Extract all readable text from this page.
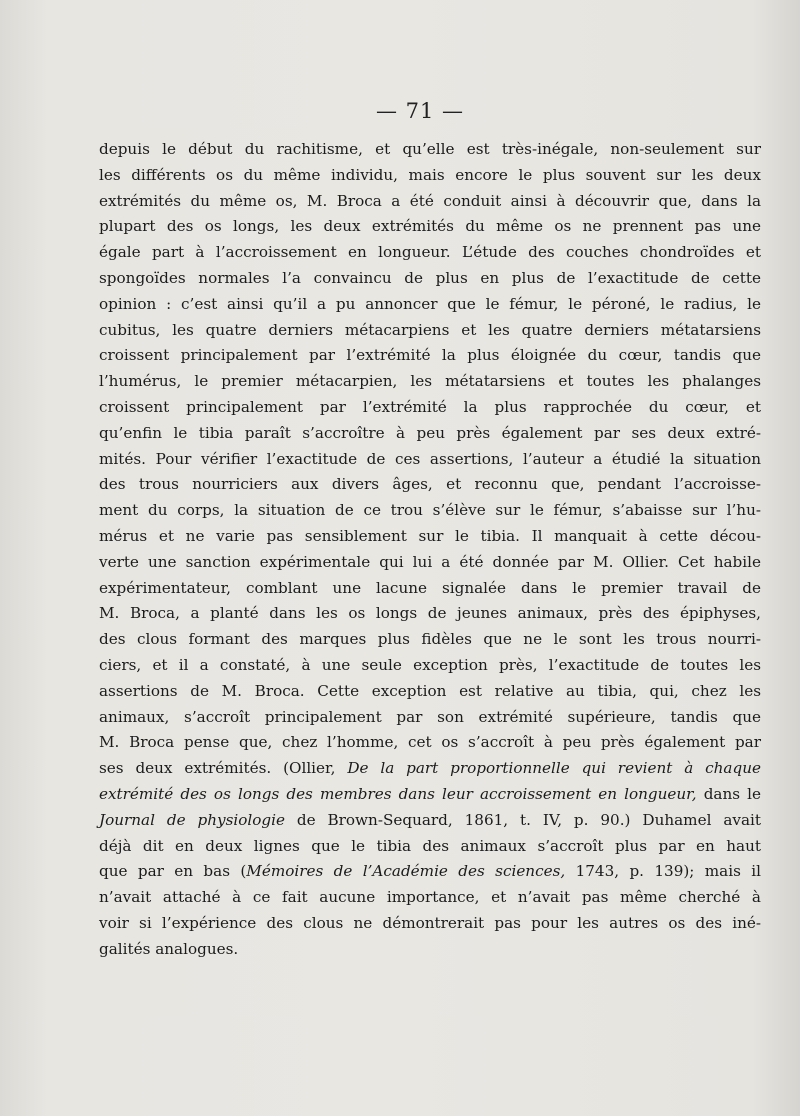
— 71 —
depuis le début du rachitisme, et qu’elle est très-inégale, non-seulement sur
les différents os du même individu, mais encore le plus souvent sur les deux
extrémités du même os, M. Broca a été conduit ainsi à découvrir que, dans la
plupart des os longs, les deux extrémités du même os ne prennent pas une
égale part à l’accroissement en longueur. L’étude des couches chondroïdes et
spongoïdes normales l’a convaincu de plus en plus de l’exactitude de cette
opinion : c’est ainsi qu’il a pu annoncer que le fémur, le péroné, le radius, le
cubitus, les quatre derniers métacarpiens et les quatre derniers métatarsiens
croissent principalement par l’extrémité la plus éloignée du cœur, tandis que
l’humérus, le premier métacarpien, les métatarsiens et toutes les phalanges
croissent principalement par l’extrémité la plus rapprochée du cœur, et
qu’enfin le tibia paraît s’accroître à peu près également par ses deux extré-
mités. Pour vérifier l’exactitude de ces assertions, l’auteur a étudié la situation
des trous nourriciers aux divers âges, et reconnu que, pendant l’accroisse-
ment du corps, la situation de ce trou s’élève sur le fémur, s’abaisse sur l’hu-
mérus et ne varie pas sensiblement sur le tibia. Il manquait à cette décou-
verte une sanction expérimentale qui lui a été donnée par M. Ollier. Cet habile
expérimentateur, comblant une lacune signalée dans le premier travail de
M. Broca, a planté dans les os longs de jeunes animaux, près des épiphyses,
des clous formant des marques plus fidèles que ne le sont les trous nourri-
ciers, et il a constaté, à une seule exception près, l’exactitude de toutes les
assertions de M. Broca. Cette exception est relative au tibia, qui, chez les
animaux, s’accroît principalement par son extrémité supérieure, tandis que
M. Broca pense que, chez l’homme, cet os s’accroît à peu près également par
ses deux extrémités. (Ollier, De la part proportionnelle qui revient à chaque
extrémité des os longs des membres dans leur accroissement en longueur, dans le
Journal de physiologie de Brown-Sequard, 1861, t. IV, p. 90.) Duhamel avait
déjà dit en deux lignes que le tibia des animaux s’accroît plus par en haut
que par en bas (Mémoires de l’Académie des sciences, 1743, p. 139); mais il
n’avait attaché à ce fait aucune importance, et n’avait pas même cherché à
voir si l’expérience des clous ne démontrerait pas pour les autres os des iné-
galités analogues.
